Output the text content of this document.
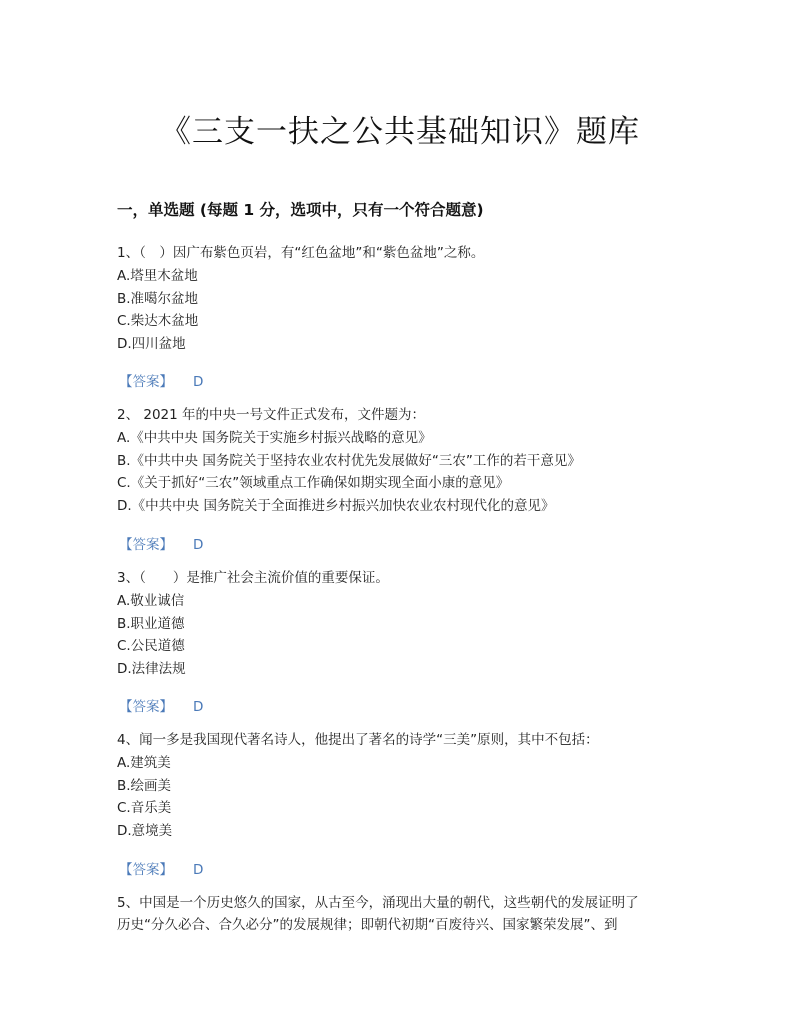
《三支一扶之公共基础知识》题库
一，单选题 (每题 1 分，选项中，只有一个符合题意)
1、（　）因广布紫色页岩，有“红色盆地”和“紫色盆地”之称。
A.塔里木盆地
B.准噶尔盆地
C.柴达木盆地
D.四川盆地
【答案】 D
2、 2021 年的中央一号文件正式发布，文件题为：
A.《中共中央 国务院关于实施乡村振兴战略的意见》
B.《中共中央 国务院关于坚持农业农村优先发展做好“三农”工作的若干意见》
C.《关于抓好“三农”领域重点工作确保如期实现全面小康的意见》
D.《中共中央 国务院关于全面推进乡村振兴加快农业农村现代化的意见》
【答案】 D
3、（　　）是推广社会主流价值的重要保证。
A.敬业诚信
B.职业道德
C.公民道德
D.法律法规
【答案】 D
4、闻一多是我国现代著名诗人，他提出了著名的诗学“三美”原则，其中不包括：
A.建筑美
B.绘画美
C.音乐美
D.意境美
【答案】 D
5、中国是一个历史悠久的国家，从古至今，涌现出大量的朝代，这些朝代的发展证明了
历史“分久必合、合久必分”的发展规律；即朝代初期“百废待兴、国家繁荣发展”、到
